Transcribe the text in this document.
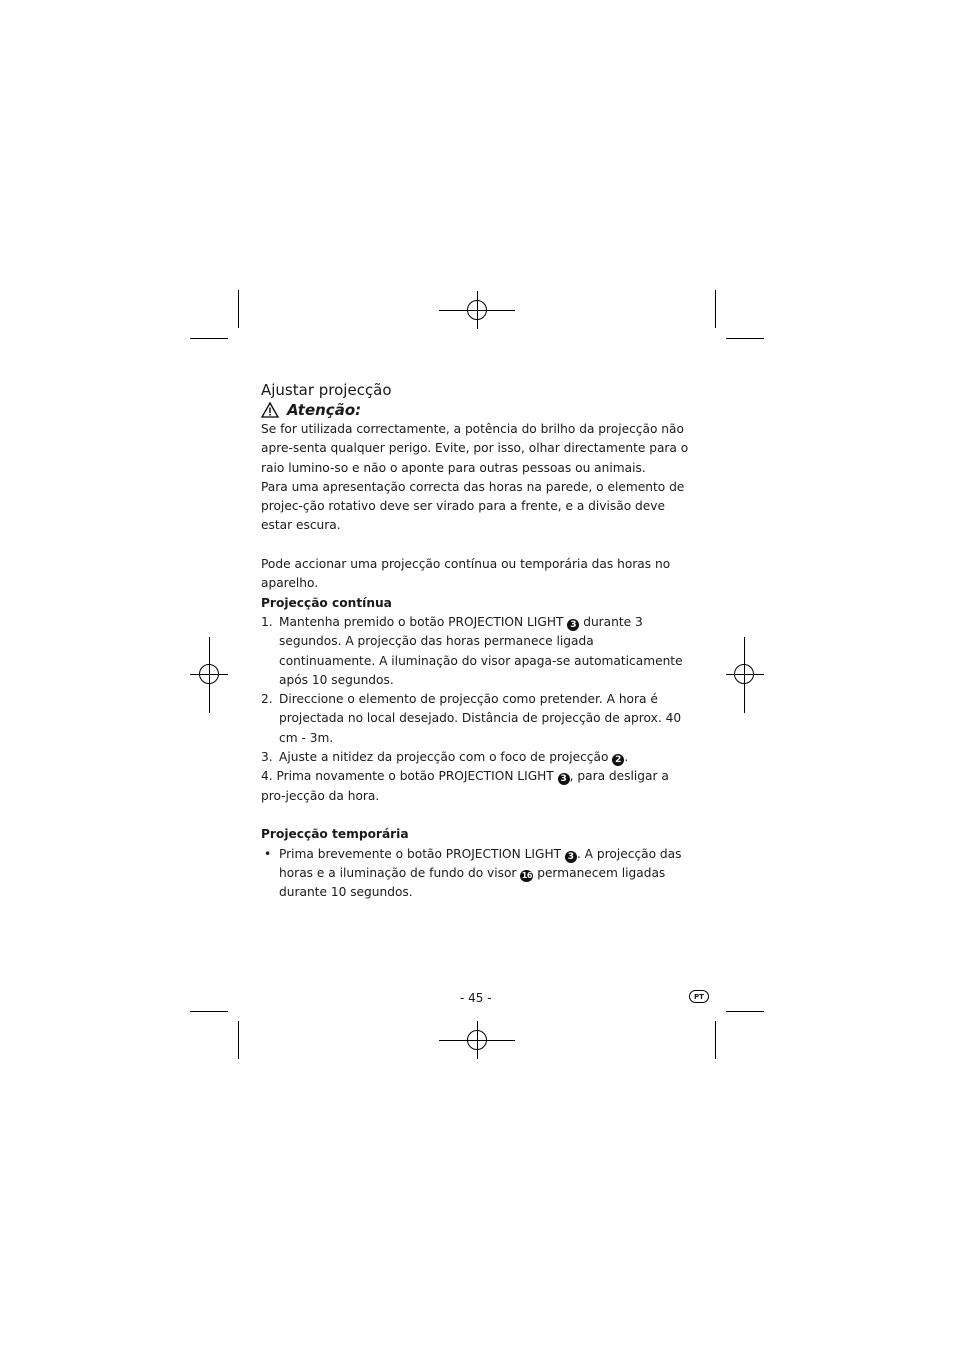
Ajustar projecção
Atenção:

Se for utilizada correctamente, a potência do brilho da projecção não apre-senta qualquer perigo. Evite, por isso, olhar directamente para o raio lumino-so e não o aponte para outras pessoas ou animais.

Para uma apresentação correcta das horas na parede, o elemento de projec-ção rotativo deve ser virado para a frente, e a divisão deve estar escura.

Pode accionar uma projecção contínua ou temporária das horas no aparelho.

Projecção contínua

1. Mantenha premido o botão PROJECTION LIGHT 3 durante 3 segundos. A projecção das horas permanece ligada continuamente. A iluminação do visor apaga-se automaticamente após 10 segundos.
2. Direccione o elemento de projecção como pretender. A hora é projectada no local desejado. Distância de projecção de aprox. 40 cm - 3m.
3. Ajuste a nitidez da projecção com o foco de projecção 2 .
4. Prima novamente o botão PROJECTION LIGHT 3 , para desligar a pro-jecção da hora.

Projecção temporária

• Prima brevemente o botão PROJECTION LIGHT 3 . A projecção das horas e a iluminação de fundo do visor 16 permanecem ligadas durante 10 segundos.
- 45 -	PT
